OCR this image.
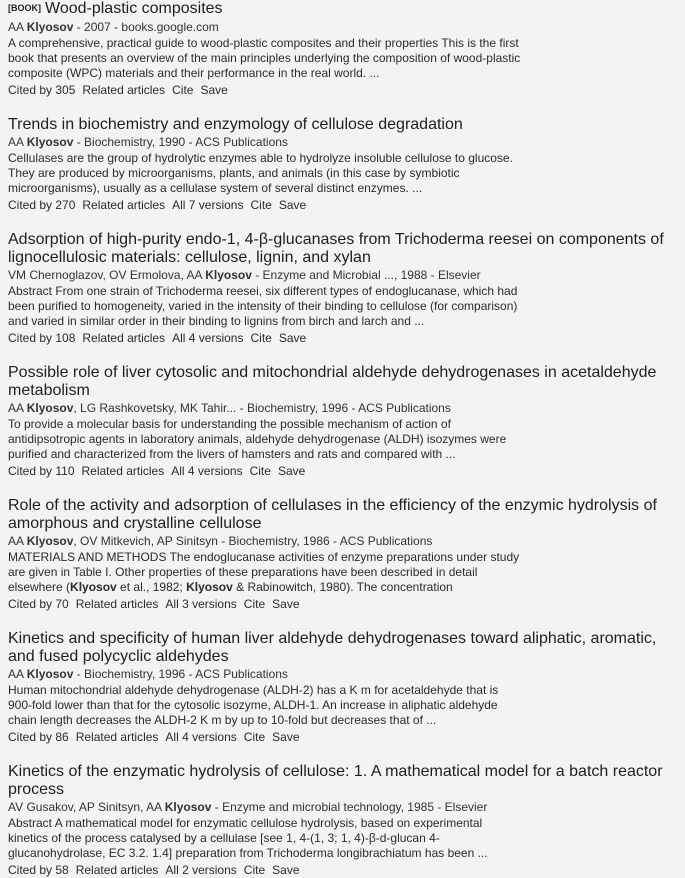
[BOOK] Wood-plastic composites
AA Klyosov - 2007 - books.google.com
A comprehensive, practical guide to wood-plastic composites and their properties This is the first book that presents an overview of the main principles underlying the composition of wood-plastic composite (WPC) materials and their performance in the real world. ...
Cited by 305 Related articles Cite Save
Trends in biochemistry and enzymology of cellulose degradation
AA Klyosov - Biochemistry, 1990 - ACS Publications
Cellulases are the group of hydrolytic enzymes able to hydrolyze insoluble cellulose to glucose. They are produced by microorganisms, plants, and animals (in this case by symbiotic microorganisms), usually as a cellulase system of several distinct enzymes. ...
Cited by 270 Related articles All 7 versions Cite Save
Adsorption of high-purity endo-1, 4-β-glucanases from Trichoderma reesei on components of lignocellulosic materials: cellulose, lignin, and xylan
VM Chernoglazov, OV Ermolova, AA Klyosov - Enzyme and Microbial ..., 1988 - Elsevier
Abstract From one strain of Trichoderma reesei, six different types of endoglucanase, which had been purified to homogeneity, varied in the intensity of their binding to cellulose (for comparison) and varied in similar order in their binding to lignins from birch and larch and ...
Cited by 108 Related articles All 4 versions Cite Save
Possible role of liver cytosolic and mitochondrial aldehyde dehydrogenases in acetaldehyde metabolism
AA Klyosov, LG Rashkovetsky, MK Tahir... - Biochemistry, 1996 - ACS Publications
To provide a molecular basis for understanding the possible mechanism of action of antidipsotropic agents in laboratory animals, aldehyde dehydrogenase (ALDH) isozymes were purified and characterized from the livers of hamsters and rats and compared with ...
Cited by 110 Related articles All 4 versions Cite Save
Role of the activity and adsorption of cellulases in the efficiency of the enzymic hydrolysis of amorphous and crystalline cellulose
AA Klyosov, OV Mitkevich, AP Sinitsyn - Biochemistry, 1986 - ACS Publications
MATERIALS AND METHODS The endoglucanase activities of enzyme preparations under study are given in Table I. Other properties of these preparations have been described in detail elsewhere (Klyosov et al., 1982; Klyosov & Rabinowitch, 1980). The concentration
Cited by 70 Related articles All 3 versions Cite Save
Kinetics and specificity of human liver aldehyde dehydrogenases toward aliphatic, aromatic, and fused polycyclic aldehydes
AA Klyosov - Biochemistry, 1996 - ACS Publications
Human mitochondrial aldehyde dehydrogenase (ALDH-2) has a K m for acetaldehyde that is 900-fold lower than that for the cytosolic isozyme, ALDH-1. An increase in aliphatic aldehyde chain length decreases the ALDH-2 K m by up to 10-fold but decreases that of ...
Cited by 86 Related articles All 4 versions Cite Save
Kinetics of the enzymatic hydrolysis of cellulose: 1. A mathematical model for a batch reactor process
AV Gusakov, AP Sinitsyn, AA Klyosov - Enzyme and microbial technology, 1985 - Elsevier
Abstract A mathematical model for enzymatic cellulose hydrolysis, based on experimental kinetics of the process catalysed by a cellulase [see 1, 4-(1, 3; 1, 4)-β-d-glucan 4-glucanohydrolase, EC 3.2. 1.4] preparation from Trichoderma longibrachiatum has been ...
Cited by 58 Related articles All 2 versions Cite Save
